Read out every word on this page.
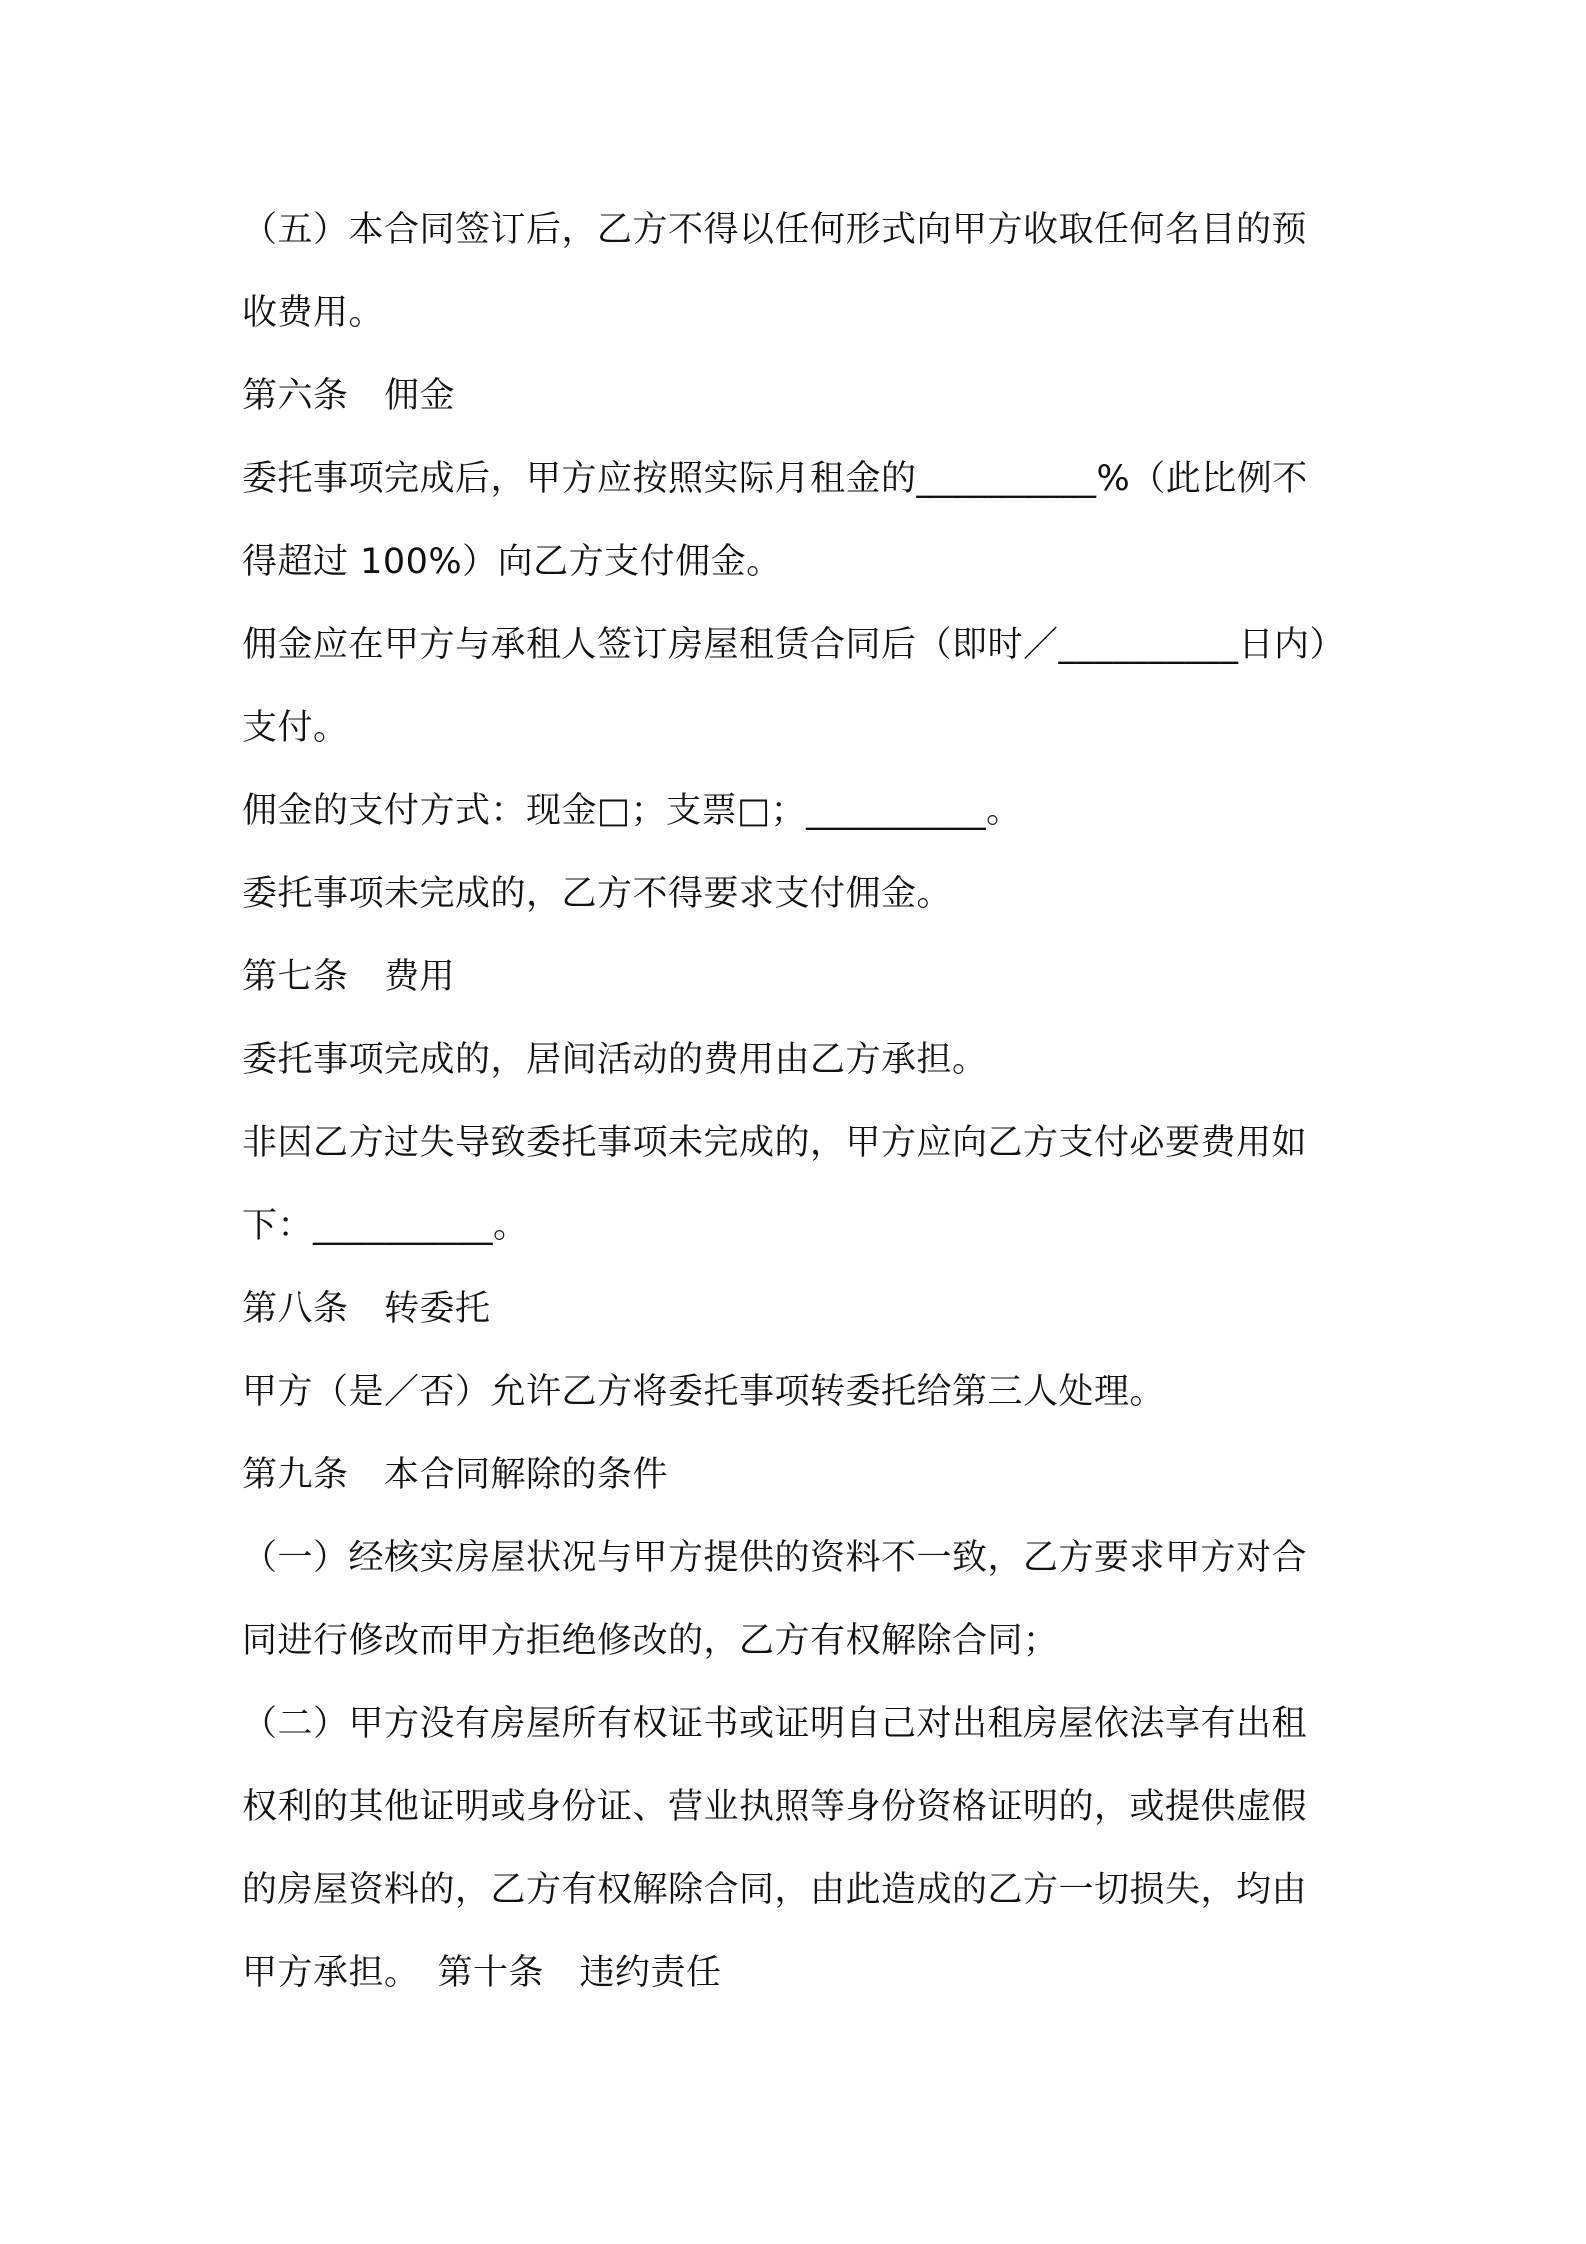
（五）本合同签订后，乙方不得以任何形式向甲方收取任何名目的预
收费用。
第六条　佣金
委托事项完成后，甲方应按照实际月租金的__________%（此比例不
得超过 100%）向乙方支付佣金。
佣金应在甲方与承租人签订房屋租赁合同后（即时／__________日内）
支付。
佣金的支付方式：现金□；支票□；__________。
委托事项未完成的，乙方不得要求支付佣金。
第七条　费用
委托事项完成的，居间活动的费用由乙方承担。
非因乙方过失导致委托事项未完成的，甲方应向乙方支付必要费用如
下：__________。
第八条　转委托
甲方（是／否）允许乙方将委托事项转委托给第三人处理。
第九条　本合同解除的条件
（一）经核实房屋状况与甲方提供的资料不一致，乙方要求甲方对合
同进行修改而甲方拒绝修改的，乙方有权解除合同；
（二）甲方没有房屋所有权证书或证明自己对出租房屋依法享有出租
权利的其他证明或身份证、营业执照等身份资格证明的，或提供虚假
的房屋资料的，乙方有权解除合同，由此造成的乙方一切损失，均由
甲方承担。　第十条　违约责任
